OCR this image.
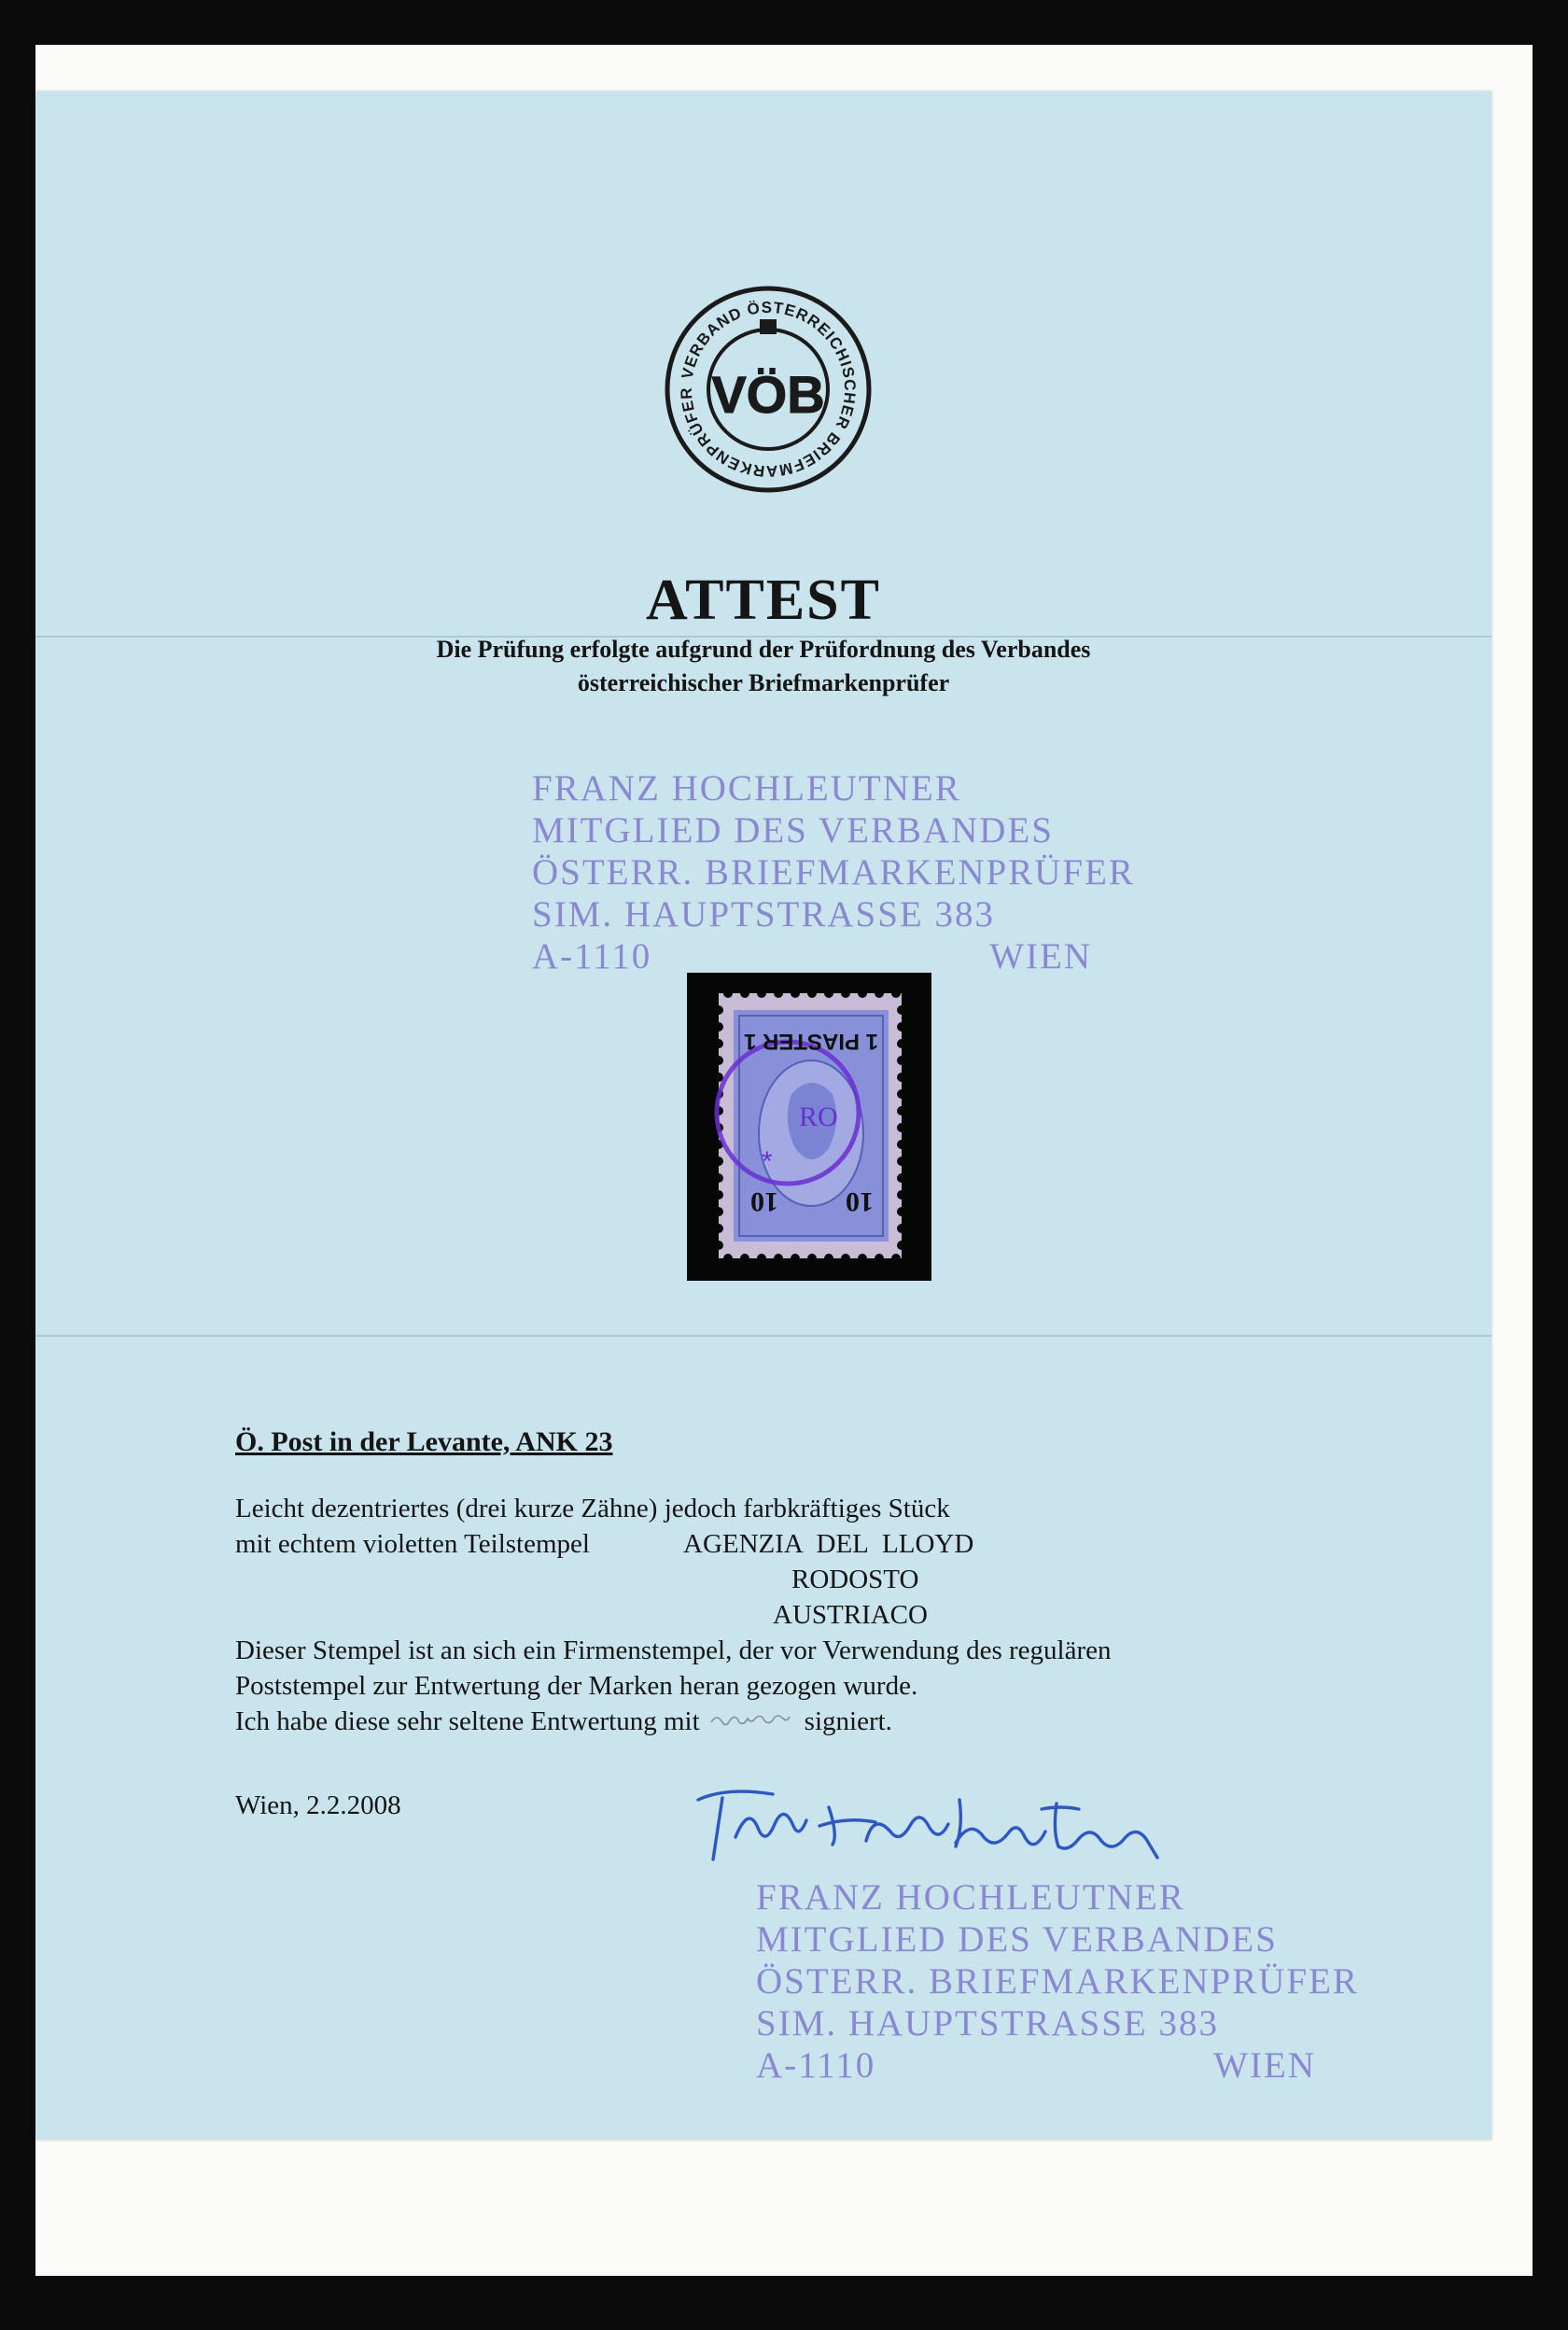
VERBAND ÖSTERREICHISCHER BRIEFMARKENPRÜFER VÖB
ATTEST
Die Prüfung erfolgte aufgrund der Prüfordnung des Verbandes
österreichischer Briefmarkenprüfer
FRANZ HOCHLEUTNER
MITGLIED DES VERBANDES
ÖSTERR. BRIEFMARKENPRÜFER
SIM. HAUPTSTRASSE 383
A-1110	WIEN
RO
*
1 PIASTER 1
10
10
Ö. Post in der Levante, ANK 23
Leicht dezentriertes (drei kurze Zähne) jedoch farbkräftiges Stück
mit echtem violetten Teilstempel	AGENZIA DEL LLOYD
RODOSTO
AUSTRIACO
Dieser Stempel ist an sich ein Firmenstempel, der vor Verwendung des regulären
Poststempel zur Entwertung der Marken heran gezogen wurde.
Ich habe diese sehr seltene Entwertung mit	signiert.
Wien, 2.2.2008
FRANZ HOCHLEUTNER
MITGLIED DES VERBANDES
ÖSTERR. BRIEFMARKENPRÜFER
SIM. HAUPTSTRASSE 383
A-1110	WIEN
